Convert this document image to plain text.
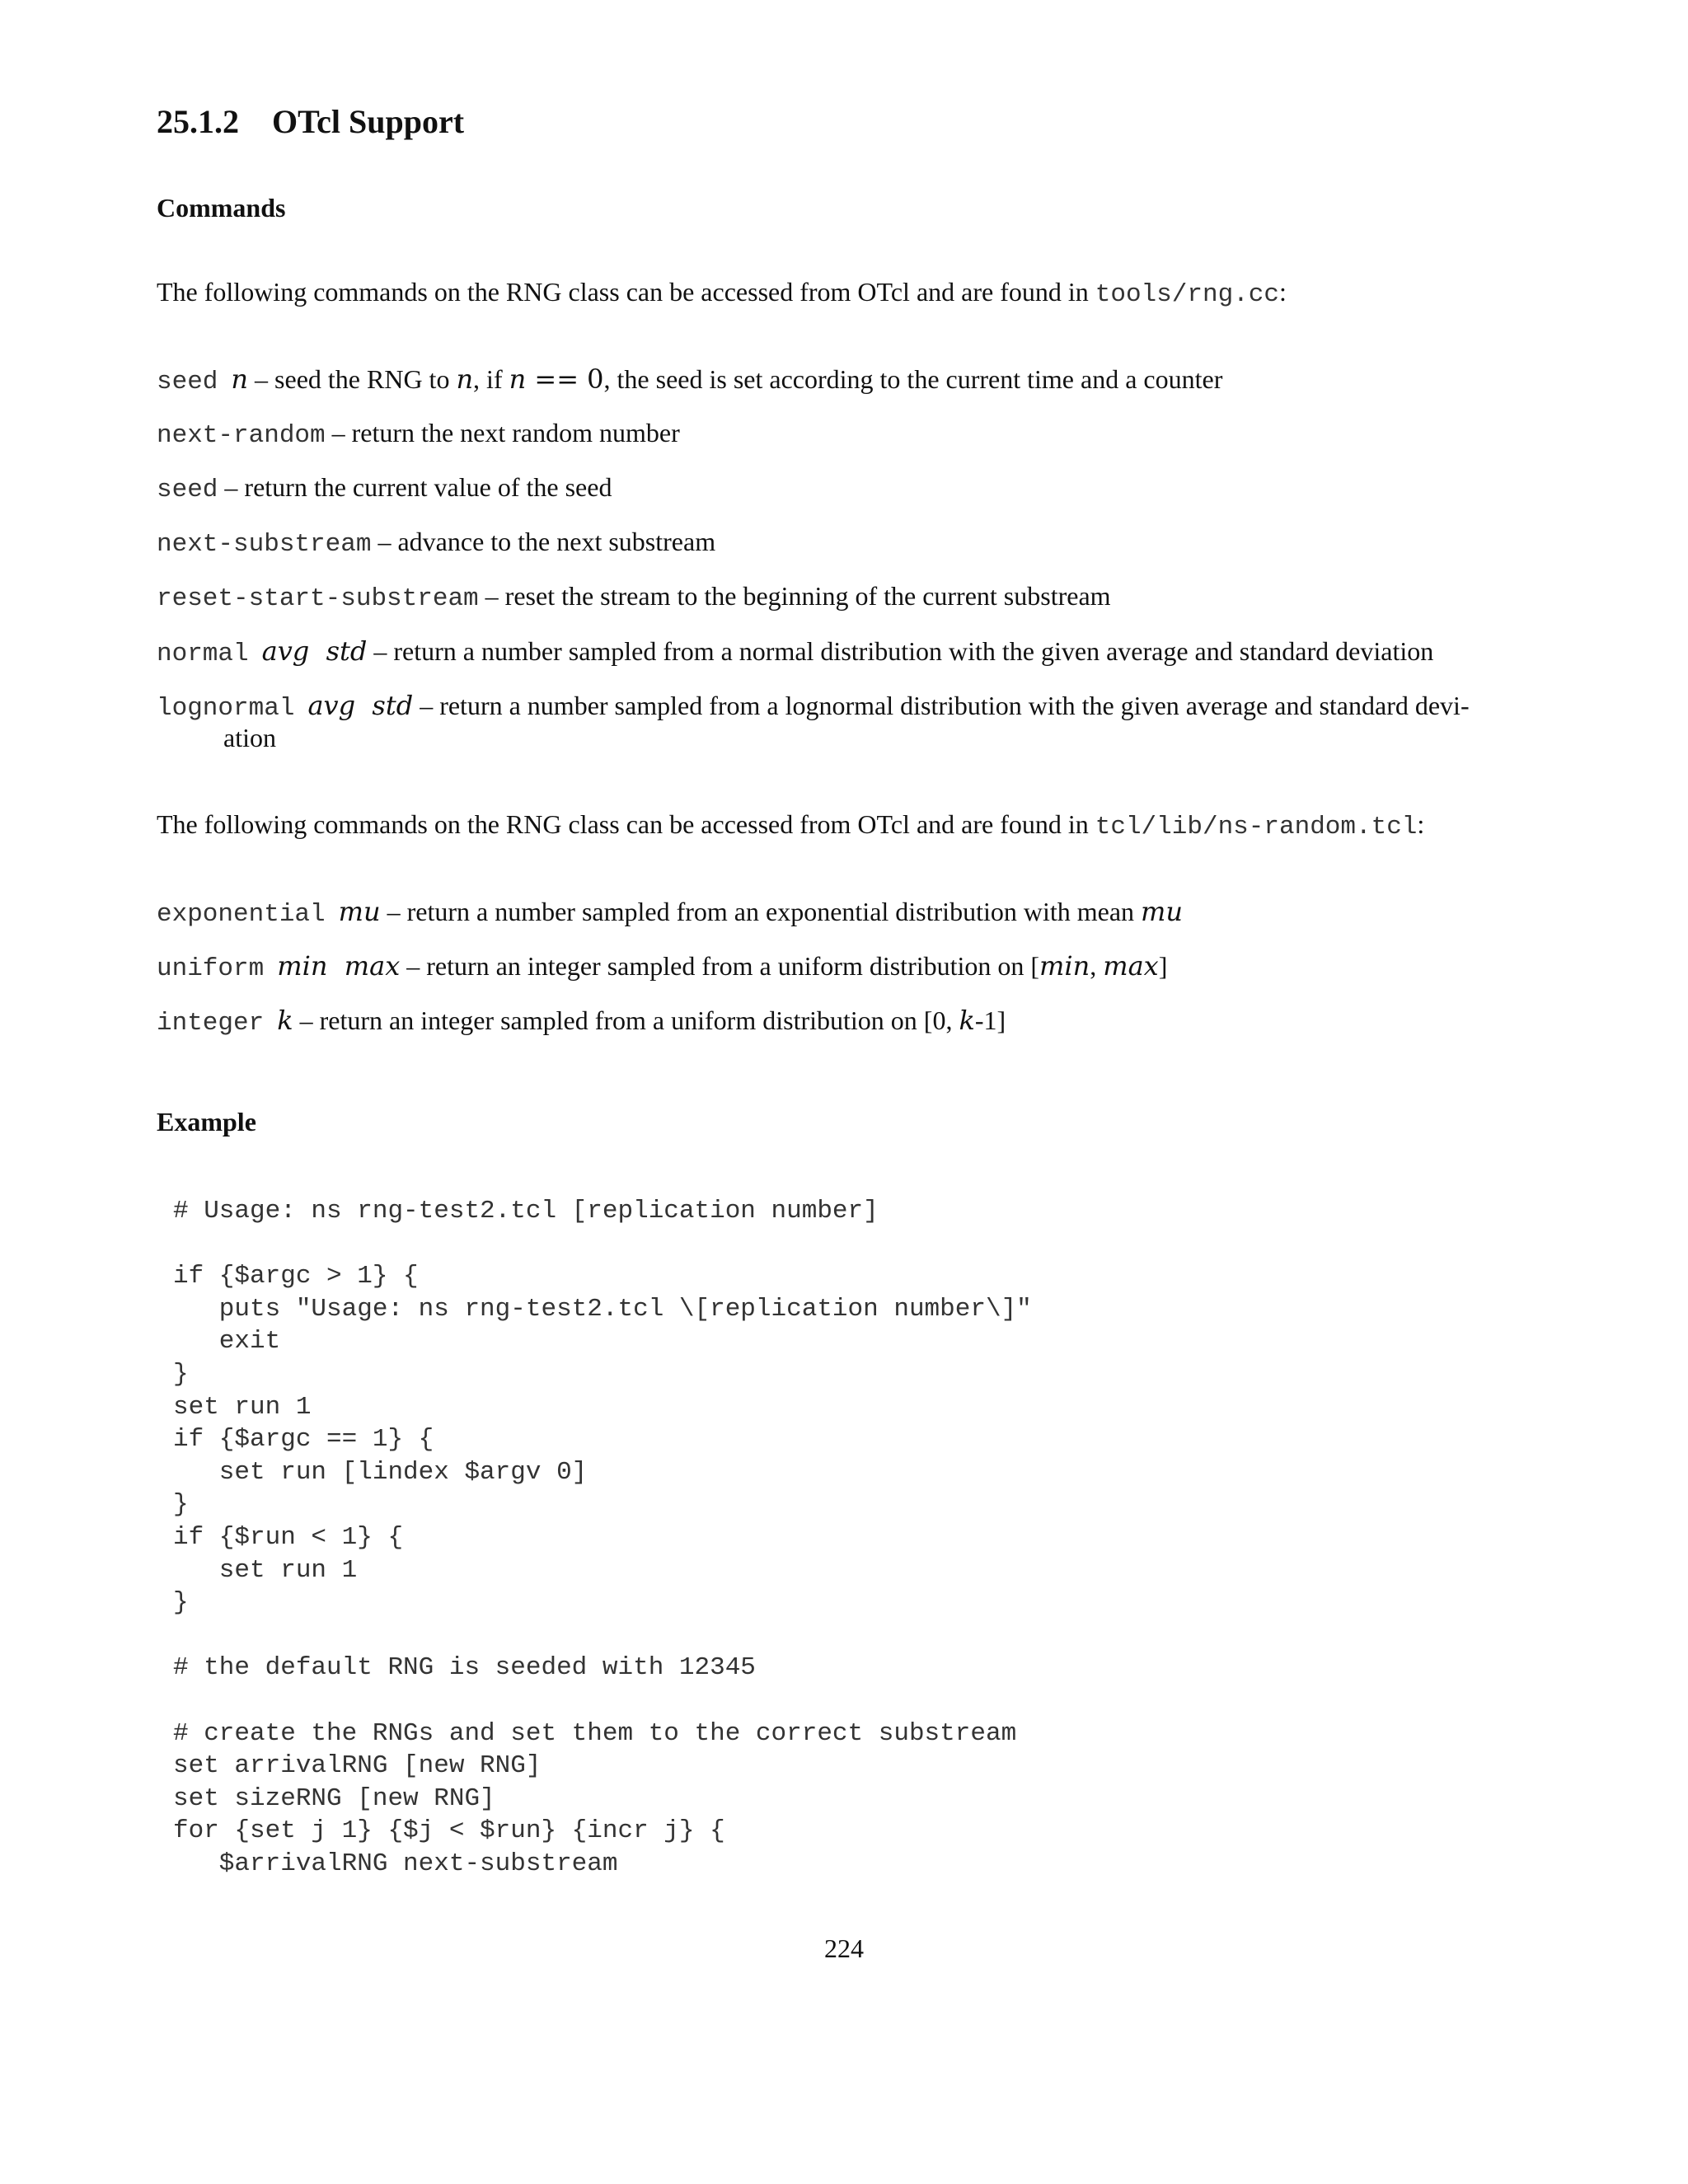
25.1.2 OTcl Support
Commands

The following commands on the RNG class can be accessed from OTcl and are found in tools/rng.cc:

seed n – seed the RNG to n, if n == 0, the seed is set according to the current time and a counter

next-random – return the next random number

seed – return the current value of the seed

next-substream – advance to the next substream

reset-start-substream – reset the stream to the beginning of the current substream

normal avg  std – return a number sampled from a normal distribution with the given average and standard deviation

lognormal avg  std – return a number sampled from a lognormal distribution with the given average and standard devi-

ation

The following commands on the RNG class can be accessed from OTcl and are found in tcl/lib/ns-random.tcl:

exponential mu – return a number sampled from an exponential distribution with mean mu

uniform min  max – return an integer sampled from a uniform distribution on [min, max]

integer k – return an integer sampled from a uniform distribution on [0, k-1]

Example
# Usage: ns rng-test2.tcl [replication number]
if {$argc > 1} {
puts "Usage: ns rng-test2.tcl \[replication number\]"
exit
}
set run 1
if {$argc == 1} {
set run [lindex $argv 0]
}
if {$run < 1} {
set run 1
}
# the default RNG is seeded with 12345
# create the RNGs and set them to the correct substream
set arrivalRNG [new RNG]
set sizeRNG [new RNG]
for {set j 1} {$j < $run} {incr j} {
$arrivalRNG next-substream

224
